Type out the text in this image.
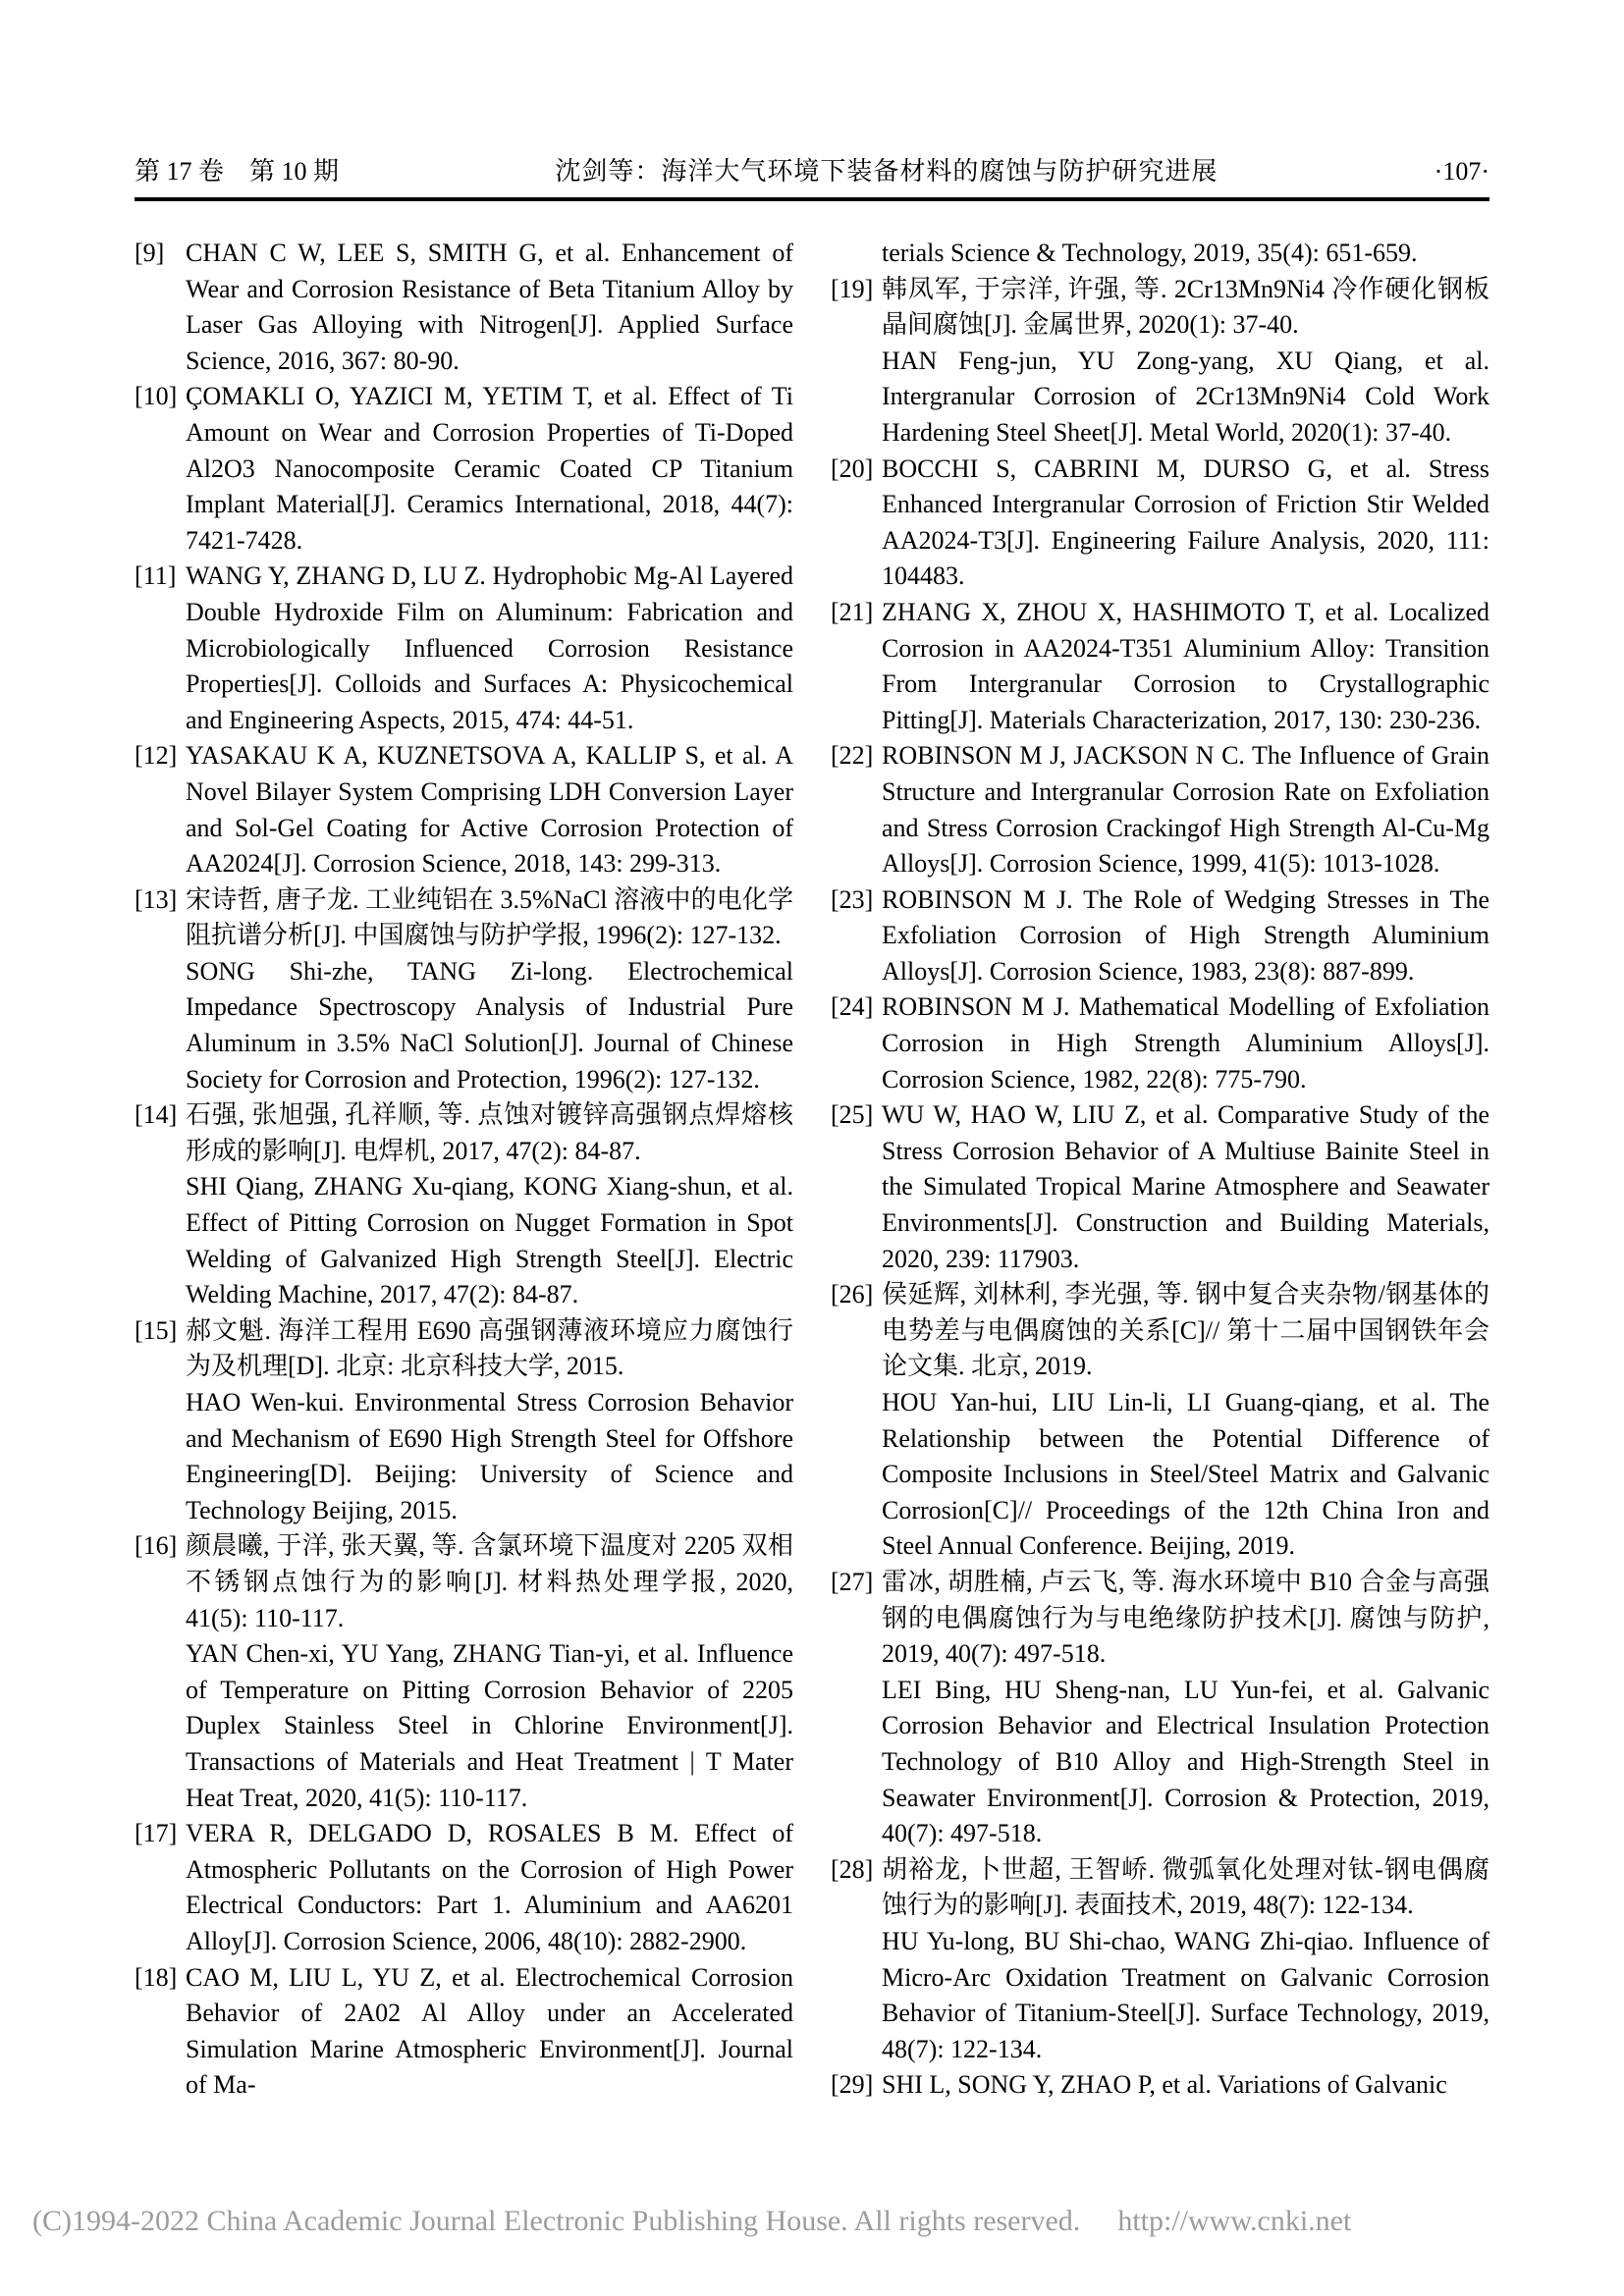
第 17 卷　第 10 期	沈剑等：海洋大气环境下装备材料的腐蚀与防护研究进展	·107·
[9] CHAN C W, LEE S, SMITH G, et al. Enhancement of Wear and Corrosion Resistance of Beta Titanium Alloy by Laser Gas Alloying with Nitrogen[J]. Applied Surface Science, 2016, 367: 80-90.
[10] ÇOMAKLI O, YAZICI M, YETIM T, et al. Effect of Ti Amount on Wear and Corrosion Properties of Ti-Doped Al2O3 Nanocomposite Ceramic Coated CP Titanium Implant Material[J]. Ceramics International, 2018, 44(7): 7421-7428.
[11] WANG Y, ZHANG D, LU Z. Hydrophobic Mg-Al Layered Double Hydroxide Film on Aluminum: Fabrication and Microbiologically Influenced Corrosion Resistance Properties[J]. Colloids and Surfaces A: Physicochemical and Engineering Aspects, 2015, 474: 44-51.
[12] YASAKAU K A, KUZNETSOVA A, KALLIP S, et al. A Novel Bilayer System Comprising LDH Conversion Layer and Sol-Gel Coating for Active Corrosion Protection of AA2024[J]. Corrosion Science, 2018, 143: 299-313.
[13] 宋诗哲, 唐子龙. 工业纯铝在 3.5%NaCl 溶液中的电化学阻抗谱分析[J]. 中国腐蚀与防护学报, 1996(2): 127-132.
SONG Shi-zhe, TANG Zi-long. Electrochemical Impedance Spectroscopy Analysis of Industrial Pure Aluminum in 3.5% NaCl Solution[J]. Journal of Chinese Society for Corrosion and Protection, 1996(2): 127-132.
[14] 石强, 张旭强, 孔祥顺, 等. 点蚀对镀锌高强钢点焊熔核形成的影响[J]. 电焊机, 2017, 47(2): 84-87.
SHI Qiang, ZHANG Xu-qiang, KONG Xiang-shun, et al. Effect of Pitting Corrosion on Nugget Formation in Spot Welding of Galvanized High Strength Steel[J]. Electric Welding Machine, 2017, 47(2): 84-87.
[15] 郝文魁. 海洋工程用 E690 高强钢薄液环境应力腐蚀行为及机理[D]. 北京: 北京科技大学, 2015.
HAO Wen-kui. Environmental Stress Corrosion Behavior and Mechanism of E690 High Strength Steel for Offshore Engineering[D]. Beijing: University of Science and Technology Beijing, 2015.
[16] 颜晨曦, 于洋, 张天翼, 等. 含氯环境下温度对 2205 双相不锈钢点蚀行为的影响[J]. 材料热处理学报, 2020, 41(5): 110-117.
YAN Chen-xi, YU Yang, ZHANG Tian-yi, et al. Influence of Temperature on Pitting Corrosion Behavior of 2205 Duplex Stainless Steel in Chlorine Environment[J]. Transactions of Materials and Heat Treatment | T Mater Heat Treat, 2020, 41(5): 110-117.
[17] VERA R, DELGADO D, ROSALES B M. Effect of Atmospheric Pollutants on the Corrosion of High Power Electrical Conductors: Part 1. Aluminium and AA6201 Alloy[J]. Corrosion Science, 2006, 48(10): 2882-2900.
[18] CAO M, LIU L, YU Z, et al. Electrochemical Corrosion Behavior of 2A02 Al Alloy under an Accelerated Simulation Marine Atmospheric Environment[J]. Journal of Ma-
terials Science & Technology, 2019, 35(4): 651-659.
[19] 韩凤军, 于宗洋, 许强, 等. 2Cr13Mn9Ni4 冷作硬化钢板晶间腐蚀[J]. 金属世界, 2020(1): 37-40.
HAN Feng-jun, YU Zong-yang, XU Qiang, et al. Intergranular Corrosion of 2Cr13Mn9Ni4 Cold Work Hardening Steel Sheet[J]. Metal World, 2020(1): 37-40.
[20] BOCCHI S, CABRINI M, DURSO G, et al. Stress Enhanced Intergranular Corrosion of Friction Stir Welded AA2024-T3[J]. Engineering Failure Analysis, 2020, 111: 104483.
[21] ZHANG X, ZHOU X, HASHIMOTO T, et al. Localized Corrosion in AA2024-T351 Aluminium Alloy: Transition From Intergranular Corrosion to Crystallographic Pitting[J]. Materials Characterization, 2017, 130: 230-236.
[22] ROBINSON M J, JACKSON N C. The Influence of Grain Structure and Intergranular Corrosion Rate on Exfoliation and Stress Corrosion Crackingof High Strength Al-Cu-Mg Alloys[J]. Corrosion Science, 1999, 41(5): 1013-1028.
[23] ROBINSON M J. The Role of Wedging Stresses in The Exfoliation Corrosion of High Strength Aluminium Alloys[J]. Corrosion Science, 1983, 23(8): 887-899.
[24] ROBINSON M J. Mathematical Modelling of Exfoliation Corrosion in High Strength Aluminium Alloys[J]. Corrosion Science, 1982, 22(8): 775-790.
[25] WU W, HAO W, LIU Z, et al. Comparative Study of the Stress Corrosion Behavior of A Multiuse Bainite Steel in the Simulated Tropical Marine Atmosphere and Seawater Environments[J]. Construction and Building Materials, 2020, 239: 117903.
[26] 侯延辉, 刘林利, 李光强, 等. 钢中复合夹杂物/钢基体的电势差与电偶腐蚀的关系[C]// 第十二届中国钢铁年会论文集. 北京, 2019.
HOU Yan-hui, LIU Lin-li, LI Guang-qiang, et al. The Relationship between the Potential Difference of Composite Inclusions in Steel/Steel Matrix and Galvanic Corrosion[C]// Proceedings of the 12th China Iron and Steel Annual Conference. Beijing, 2019.
[27] 雷冰, 胡胜楠, 卢云飞, 等. 海水环境中 B10 合金与高强钢的电偶腐蚀行为与电绝缘防护技术[J]. 腐蚀与防护, 2019, 40(7): 497-518.
LEI Bing, HU Sheng-nan, LU Yun-fei, et al. Galvanic Corrosion Behavior and Electrical Insulation Protection Technology of B10 Alloy and High-Strength Steel in Seawater Environment[J]. Corrosion & Protection, 2019, 40(7): 497-518.
[28] 胡裕龙, 卜世超, 王智峤. 微弧氧化处理对钛-钢电偶腐蚀行为的影响[J]. 表面技术, 2019, 48(7): 122-134.
HU Yu-long, BU Shi-chao, WANG Zhi-qiao. Influence of Micro-Arc Oxidation Treatment on Galvanic Corrosion Behavior of Titanium-Steel[J]. Surface Technology, 2019, 48(7): 122-134.
[29] SHI L, SONG Y, ZHAO P, et al. Variations of Galvanic
(C)1994-2022 China Academic Journal Electronic Publishing House. All rights reserved. http://www.cnki.net
